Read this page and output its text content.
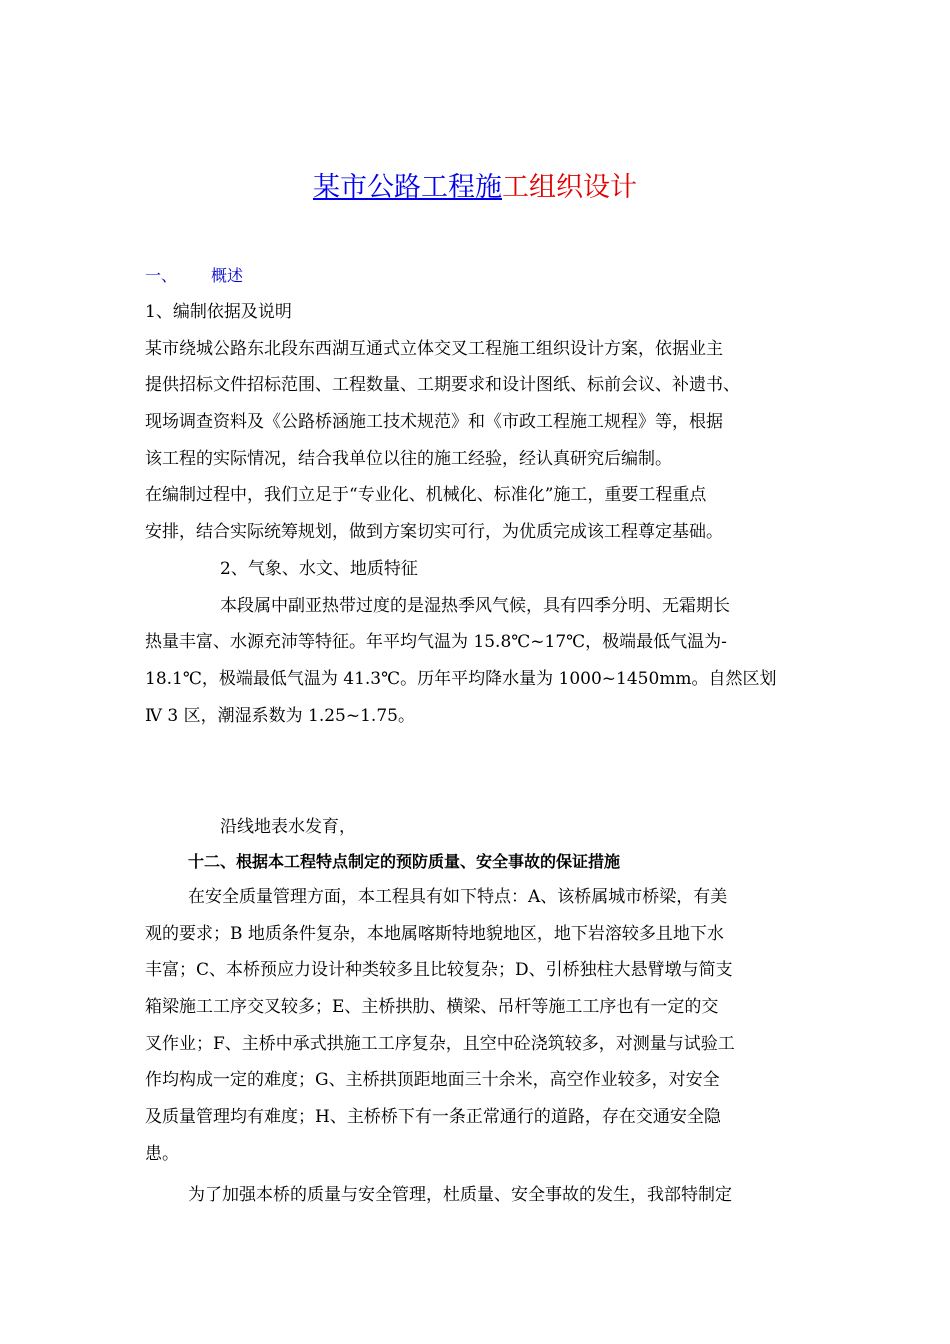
某市公路工程施工组织设计
一、 概述
1、编制依据及说明
某市绕城公路东北段东西湖互通式立体交叉工程施工组织设计方案，依据业主
提供招标文件招标范围、工程数量、工期要求和设计图纸、标前会议、补遗书、
现场调查资料及《公路桥涵施工技术规范》和《市政工程施工规程》等，根据
该工程的实际情况，结合我单位以往的施工经验，经认真研究后编制。
在编制过程中，我们立足于“专业化、机械化、标准化”施工，重要工程重点
安排，结合实际统筹规划，做到方案切实可行，为优质完成该工程尊定基础。
2、气象、水文、地质特征
本段属中副亚热带过度的是湿热季风气候，具有四季分明、无霜期长
热量丰富、水源充沛等特征。年平均气温为 15.8℃~17℃，极端最低气温为-
18.1℃，极端最低气温为 41.3℃。历年平均降水量为 1000~1450mm。自然区划
Ⅳ 3 区，潮湿系数为 1.25~1.75。
沿线地表水发育，
十二、根据本工程特点制定的预防质量、安全事故的保证措施
在安全质量管理方面，本工程具有如下特点：A、该桥属城市桥梁，有美
观的要求；B 地质条件复杂，本地属喀斯特地貌地区，地下岩溶较多且地下水
丰富；C、本桥预应力设计种类较多且比较复杂；D、引桥独柱大悬臂墩与简支
箱梁施工工序交叉较多；E、主桥拱肋、横梁、吊杆等施工工序也有一定的交
叉作业；F、主桥中承式拱施工工序复杂，且空中砼浇筑较多，对测量与试验工
作均构成一定的难度；G、主桥拱顶距地面三十余米，高空作业较多，对安全
及质量管理均有难度；H、主桥桥下有一条正常通行的道路，存在交通安全隐
患。
为了加强本桥的质量与安全管理，杜质量、安全事故的发生，我部特制定
